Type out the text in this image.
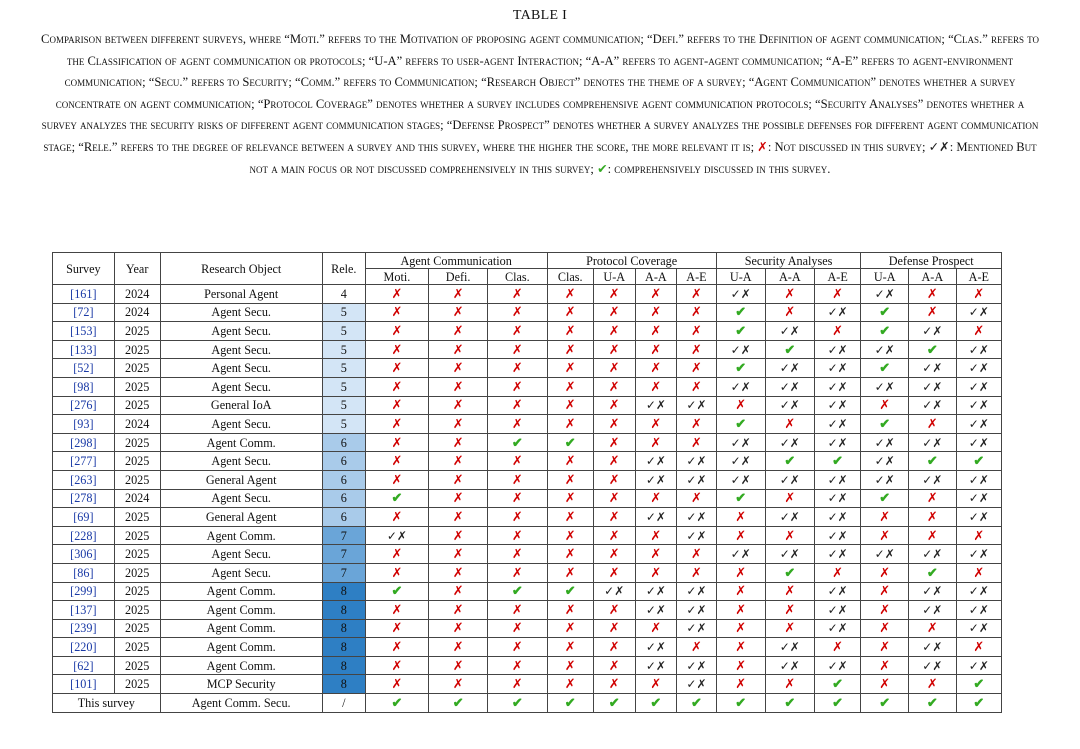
TABLE I
Comparison between different surveys, where “Moti.” refers to the Motivation of proposing agent communication; “Defi.” refers to the Definition of agent communication; “Clas.” refers to the Classification of agent communication or protocols; “U-A” refers to user-agent Interaction; “A-A” refers to agent-agent communication; “A-E” refers to agent-environment communication; “Secu.” refers to Security; “Comm.” refers to Communication; “Research Object” denotes the theme of a survey; “Agent Communication” denotes whether a survey concentrate on agent communication; “Protocol Coverage” denotes whether a survey includes comprehensive agent communication protocols; “Security Analyses” denotes whether a survey analyzes the security risks of different agent communication stages; “Defense Prospect” denotes whether a survey analyzes the possible defenses for different agent communication stage; “Rele.” refers to the degree of relevance between a survey and this survey, where the higher the score, the more relevant it is; ✗: Not discussed in this survey; ✓✗: Mentioned But not a main focus or not discussed comprehensively in this survey; ✔: comprehensively discussed in this survey.
Survey	Year	Research Object	Rele.	Agent Communication			Protocol Coverage				Security Analyses			Defense Prospect		
				Moti.	Defi.	Clas.	Clas.	U-A	A-A	A-E	U-A	A-A	A-E	U-A	A-A	A-E
[161]	2024	Personal Agent	4	✗	✗	✗	✗	✗	✗	✗	✓✗	✗	✗	✓✗	✗	✗
[72]	2024	Agent Secu.	5	✗	✗	✗	✗	✗	✗	✗	✔	✗	✓✗	✔	✗	✓✗
[153]	2025	Agent Secu.	5	✗	✗	✗	✗	✗	✗	✗	✔	✓✗	✗	✔	✓✗	✗
[133]	2025	Agent Secu.	5	✗	✗	✗	✗	✗	✗	✗	✓✗	✔	✓✗	✓✗	✔	✓✗
[52]	2025	Agent Secu.	5	✗	✗	✗	✗	✗	✗	✗	✔	✓✗	✓✗	✔	✓✗	✓✗
[98]	2025	Agent Secu.	5	✗	✗	✗	✗	✗	✗	✗	✓✗	✓✗	✓✗	✓✗	✓✗	✓✗
[276]	2025	General IoA	5	✗	✗	✗	✗	✗	✓✗	✓✗	✗	✓✗	✓✗	✗	✓✗	✓✗
[93]	2024	Agent Secu.	5	✗	✗	✗	✗	✗	✗	✗	✔	✗	✓✗	✔	✗	✓✗
[298]	2025	Agent Comm.	6	✗	✗	✔	✔	✗	✗	✗	✓✗	✓✗	✓✗	✓✗	✓✗	✓✗
[277]	2025	Agent Secu.	6	✗	✗	✗	✗	✗	✓✗	✓✗	✓✗	✔	✔	✓✗	✔	✔
[263]	2025	General Agent	6	✗	✗	✗	✗	✗	✓✗	✓✗	✓✗	✓✗	✓✗	✓✗	✓✗	✓✗
[278]	2024	Agent Secu.	6	✔	✗	✗	✗	✗	✗	✗	✔	✗	✓✗	✔	✗	✓✗
[69]	2025	General Agent	6	✗	✗	✗	✗	✗	✓✗	✓✗	✗	✓✗	✓✗	✗	✗	✓✗
[228]	2025	Agent Comm.	7	✓✗	✗	✗	✗	✗	✗	✓✗	✗	✗	✓✗	✗	✗	✗
[306]	2025	Agent Secu.	7	✗	✗	✗	✗	✗	✗	✗	✓✗	✓✗	✓✗	✓✗	✓✗	✓✗
[86]	2025	Agent Secu.	7	✗	✗	✗	✗	✗	✗	✗	✗	✔	✗	✗	✔	✗
[299]	2025	Agent Comm.	8	✔	✗	✔	✔	✓✗	✓✗	✓✗	✗	✗	✓✗	✗	✓✗	✓✗
[137]	2025	Agent Comm.	8	✗	✗	✗	✗	✗	✓✗	✓✗	✗	✗	✓✗	✗	✓✗	✓✗
[239]	2025	Agent Comm.	8	✗	✗	✗	✗	✗	✗	✓✗	✗	✗	✓✗	✗	✗	✓✗
[220]	2025	Agent Comm.	8	✗	✗	✗	✗	✗	✓✗	✗	✗	✓✗	✗	✗	✓✗	✗
[62]	2025	Agent Comm.	8	✗	✗	✗	✗	✗	✓✗	✓✗	✗	✓✗	✓✗	✗	✓✗	✓✗
[101]	2025	MCP Security	8	✗	✗	✗	✗	✗	✗	✓✗	✗	✗	✔	✗	✗	✔
This survey		Agent Comm. Secu.	/	✔	✔	✔	✔	✔	✔	✔	✔	✔	✔	✔	✔	✔
